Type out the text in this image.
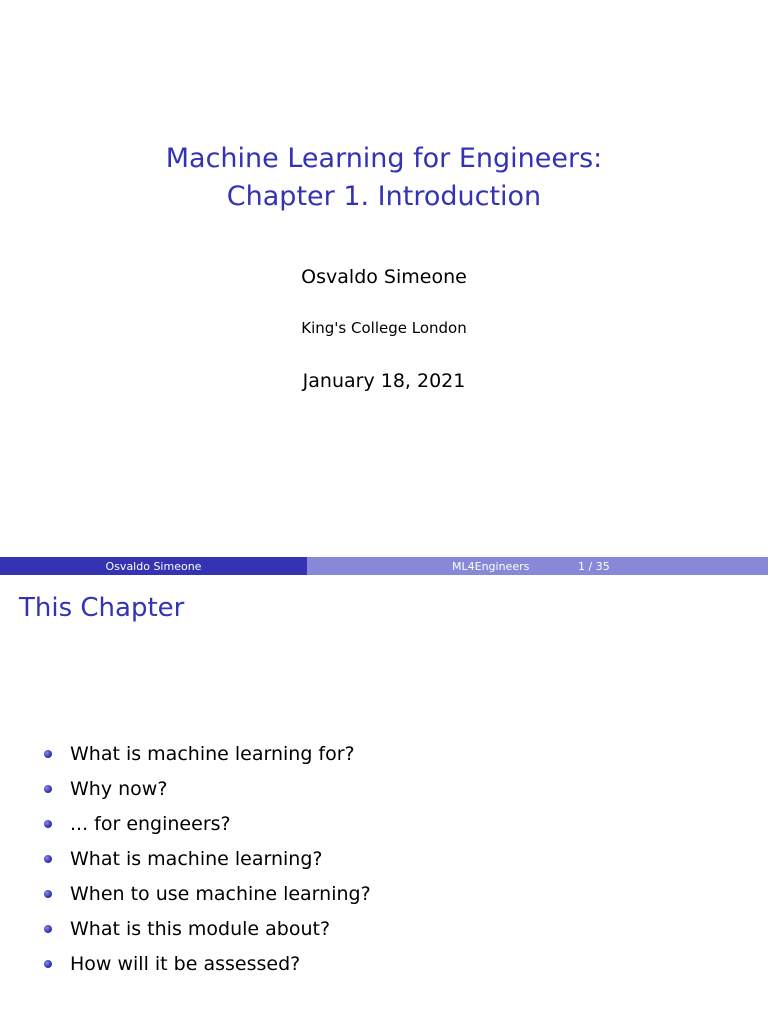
Machine Learning for Engineers:
Chapter 1. Introduction
Osvaldo Simeone
King's College London
January 18, 2021
Osvaldo Simeone	ML4Engineers	1 / 35
This Chapter
What is machine learning for?
Why now?
... for engineers?
What is machine learning?
When to use machine learning?
What is this module about?
How will it be assessed?
